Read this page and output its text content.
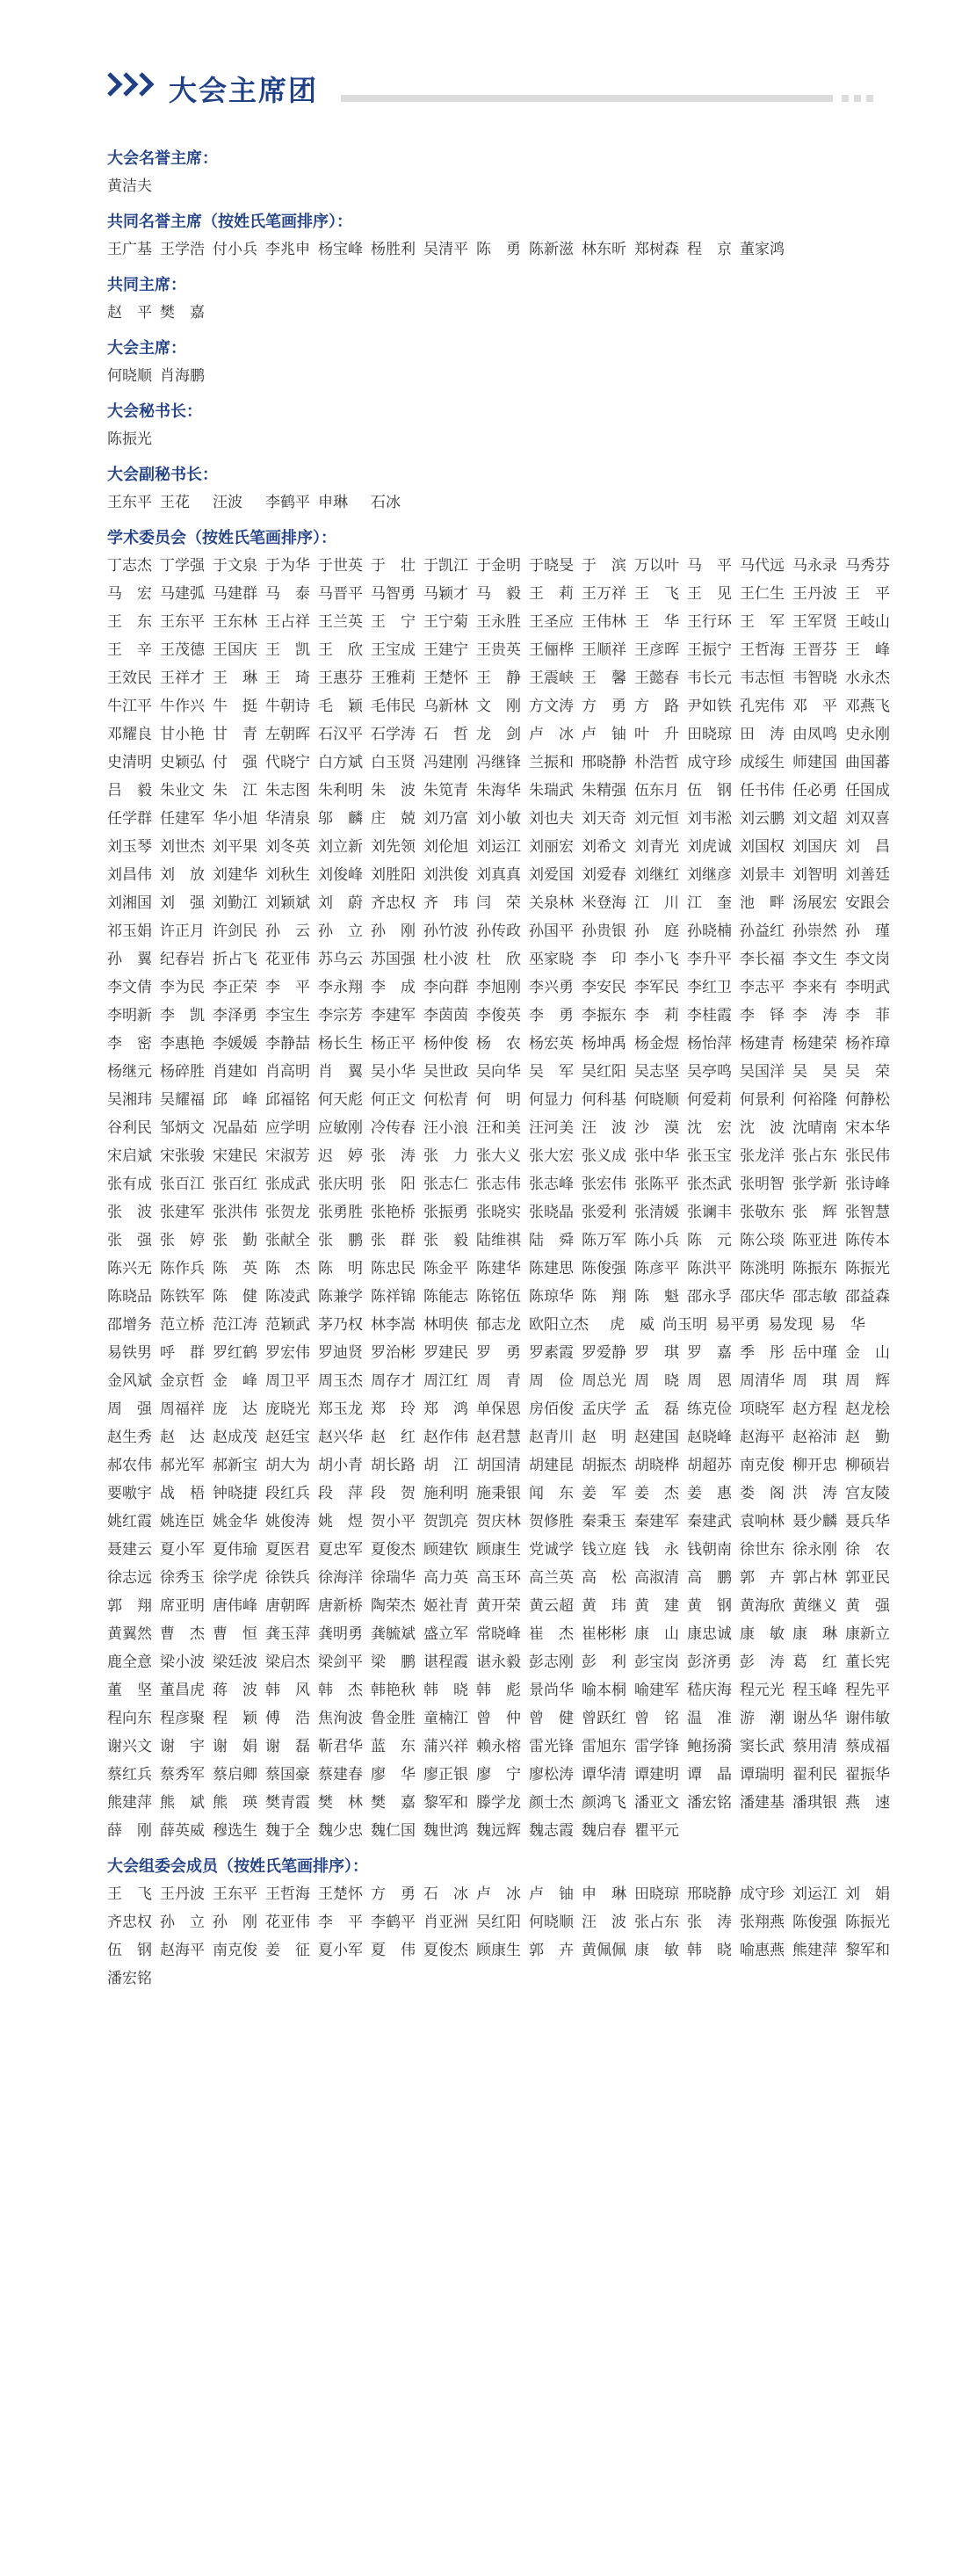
大会主席团
大会名誉主席：
黄洁夫
共同名誉主席（按姓氏笔画排序）：
王广基 王学浩 付小兵 李兆申 杨宝峰 杨胜利 吴清平 陈　勇 陈新滋 林东昕 郑树森 程　京 董家鸿
共同主席：
赵　平 樊　嘉
大会主席：
何晓顺 肖海鹏
大会秘书长：
陈振光
大会副秘书长：
王东平 王花	汪波	李鹤平 申琳	石冰
学术委员会（按姓氏笔画排序）：
丁志杰 丁学强 于文泉 于为华 于世英 于　壮 于凯江 于金明 于晓旻 于　滨 万以叶 马　平 马代远 马永录 马秀芬
马　宏 马建弧 马建群 马　泰 马晋平 马智勇 马颖才 马　毅 王　莉 王万祥 王　飞 王　见 王仁生 王丹波 王　平
王　东 王东平 王东林 王占祥 王兰英 王　宁 王宁菊 王永胜 王圣应 王伟林 王　华 王行环 王　军 王军贤 王岐山
王　辛 王茂德 王国庆 王　凯 王　欣 王宝成 王建宁 王贵英 王俪桦 王顺祥 王彦晖 王振宁 王哲海 王晋芬 王　峰
王效民 王祥才 王　琳 王　琦 王惠芬 王雅莉 王楚怀 王　静 王震峡 王　馨 王懿春 韦长元 韦志恒 韦智晓 水永杰
牛江平 牛作兴 牛　挺 牛朝诗 毛　颖 毛伟民 乌新林 文　刚 方文涛 方　勇 方　路 尹如铁 孔宪伟 邓　平 邓燕飞
邓耀良 甘小艳 甘　青 左朝晖 石汉平 石学涛 石　哲 龙　剑 卢　冰 卢　铀 叶　升 田晓琼 田　涛 由凤鸣 史永刚
史清明 史颖弘 付　强 代晓宁 白方斌 白玉贤 冯建刚 冯继锋 兰振和 邢晓静 朴浩哲 成守珍 成绥生 师建国 曲国蕃
吕　毅 朱业文 朱　江 朱志图 朱利明 朱　波 朱笕青 朱海华 朱瑞武 朱精强 伍东月 伍　钢 任书伟 任必勇 任国成
任学群 任建军 华小旭 华清泉 邬　麟 庄　兢 刘乃富 刘小敏 刘也夫 刘天奇 刘元恒 刘韦淞 刘云鹏 刘文超 刘双喜
刘玉琴 刘世杰 刘平果 刘冬英 刘立新 刘先领 刘伦旭 刘运江 刘丽宏 刘希文 刘青光 刘虎诚 刘国权 刘国庆 刘　昌
刘昌伟 刘　放 刘建华 刘秋生 刘俊峰 刘胜阳 刘洪俊 刘真真 刘爱国 刘爱春 刘继红 刘继彦 刘景丰 刘智明 刘善廷
刘湘国 刘　强 刘勤江 刘颖斌 刘　蔚 齐忠权 齐　玮 闫　荣 关泉林 米登海 江　川 江　奎 池　畔 汤展宏 安跟会
祁玉娟 许正月 许剑民 孙　云 孙　立 孙　刚 孙竹波 孙传政 孙国平 孙贵银 孙　庭 孙晓楠 孙益红 孙崇然 孙　瑾
孙　翼 纪春岩 折占飞 花亚伟 苏乌云 苏国强 杜小波 杜　欣 巫家晓 李　印 李小飞 李升平 李长福 李文生 李文岗
李文倩 李为民 李正荣 李　平 李永翔 李　成 李向群 李旭刚 李兴勇 李安民 李军民 李红卫 李志平 李来有 李明武
李明新 李　凯 李泽勇 李宝生 李宗芳 李建军 李茵茵 李俊英 李　勇 李振东 李　莉 李桂霞 李　铎 李　涛 李　菲
李　密 李惠艳 李媛媛 李静喆 杨长生 杨正平 杨仲俊 杨　农 杨宏英 杨坤禹 杨金煜 杨怡萍 杨建青 杨建荣 杨祚璋
杨继元 杨碎胜 肖建如 肖高明 肖　翼 吴小华 吴世政 吴向华 吴　军 吴红阳 吴志坚 吴亭鸣 吴国洋 吴　昊 吴　荣
吴湘玮 吴耀福 邱　峰 邱福铭 何天彪 何正文 何松青 何　明 何显力 何科基 何晓顺 何爱莉 何景利 何裕隆 何静松
谷利民 邹炳文 况晶茹 应学明 应敏刚 冷传春 汪小浪 汪和美 汪河美 汪　波 沙　漠 沈　宏 沈　波 沈晴南 宋本华
宋启斌 宋张骏 宋建民 宋淑芳 迟　婷 张　涛 张　力 张大义 张大宏 张义成 张中华 张玉宝 张龙洋 张占东 张民伟
张有成 张百江 张百红 张成武 张庆明 张　阳 张志仁 张志伟 张志峰 张宏伟 张陈平 张杰武 张明智 张学新 张诗峰
张　波 张建军 张洪伟 张贺龙 张勇胜 张艳桥 张振勇 张晓实 张晓晶 张爱利 张清媛 张谰丰 张敬东 张　辉 张智慧
张　强 张　婷 张　勤 张献全 张　鹏 张　群 张　毅 陆维祺 陆　舜 陈万军 陈小兵 陈　元 陈公琰 陈亚进 陈传本
陈兴无 陈作兵 陈　英 陈　杰 陈　明 陈忠民 陈金平 陈建华 陈建思 陈俊强 陈彦平 陈洪平 陈洮明 陈振东 陈振光
陈晓品 陈铁军 陈　健 陈凌武 陈兼学 陈祥锦 陈能志 陈铭伍 陈琼华 陈　翔 陈　魁 邵永孚 邵庆华 邵志敏 邵益森
邵增务 范立桥 范江涛 范颖武 茅乃权 林李嵩 林明侠 郁志龙 欧阳立杰 虎　威 尚玉明 易平勇 易发现 易　华
易铁男 呼　群 罗红鹤 罗宏伟 罗迪贤 罗治彬 罗建民 罗　勇 罗素霞 罗爱静 罗　琪 罗　嘉 季　彤 岳中瑾 金　山
金风斌 金京哲 金　峰 周卫平 周玉杰 周存才 周江红 周　青 周　俭 周总光 周　晓 周　恩 周清华 周　琪 周　辉
周　强 周福祥 庞　达 庞晓光 郑玉龙 郑　玲 郑　鸿 单保恩 房佰俊 孟庆学 孟　磊 练克俭 项晓军 赵方程 赵龙桧
赵生秀 赵　达 赵成茂 赵廷宝 赵兴华 赵　红 赵作伟 赵君慧 赵青川 赵　明 赵建国 赵晓峰 赵海平 赵裕沛 赵　勤
郝农伟 郝光军 郝新宝 胡大为 胡小青 胡长路 胡　江 胡国清 胡建昆 胡振杰 胡晓桦 胡超苏 南克俊 柳开忠 柳硕岩
要嗷宇 战　梧 钟晓捷 段红兵 段　萍 段　贺 施利明 施秉银 闻　东 姜　军 姜　杰 姜　惠 娄　阁 洪　涛 宫友陵
姚红霞 姚连臣 姚金华 姚俊涛 姚　煜 贺小平 贺凯亮 贺庆林 贺修胜 秦秉玉 秦建军 秦建武 袁响林 聂少麟 聂兵华
聂建云 夏小军 夏伟瑜 夏医君 夏忠军 夏俊杰 顾建钦 顾康生 党诚学 钱立庭 钱　永 钱朝南 徐世东 徐永刚 徐　农
徐志远 徐秀玉 徐学虎 徐铁兵 徐海洋 徐瑞华 高力英 高玉环 高兰英 高　松 高淑清 高　鹏 郭　卉 郭占林 郭亚民
郭　翔 席亚明 唐伟峰 唐朝晖 唐新桥 陶荣杰 姬社青 黄开荣 黄云超 黄　玮 黄　建 黄　钢 黄海欣 黄继义 黄　强
黄翼然 曹　杰 曹　恒 龚玉萍 龚明勇 龚毓斌 盛立军 常晓峰 崔　杰 崔彬彬 康　山 康忠诚 康　敏 康　琳 康新立
鹿全意 梁小波 梁廷波 梁启杰 梁剑平 梁　鹏 谌程霞 谌永毅 彭志刚 彭　利 彭宝岗 彭济勇 彭　涛 葛　红 董长宪
董　坚 董昌虎 蒋　波 韩　风 韩　杰 韩艳秋 韩　晓 韩　彪 景尚华 喻本桐 喻建军 嵇庆海 程元光 程玉峰 程先平
程向东 程彦聚 程　颖 傅　浩 焦洵波 鲁金胜 童楠江 曾　仲 曾　健 曾跃红 曾　铭 温　准 游　潮 谢丛华 谢伟敏
谢兴文 谢　宇 谢　娟 谢　磊 靳君华 蓝　东 蒲兴祥 赖永榕 雷光锋 雷旭东 雷学锋 鲍扬漪 窦长武 蔡用清 蔡成福
蔡红兵 蔡秀军 蔡启卿 蔡国豪 蔡建春 廖　华 廖正银 廖　宁 廖松涛 谭华清 谭建明 谭　晶 谭瑞明 翟利民 翟振华
熊建萍 熊　斌 熊　瑛 樊青霞 樊　林 樊　嘉 黎军和 滕学龙 颜士杰 颜鸿飞 潘亚文 潘宏铭 潘建基 潘琪银 燕　速
薛　刚 薛英威 穆选生 魏于全 魏少忠 魏仁国 魏世鸿 魏远辉 魏志霞 魏启春 瞿平元
大会组委会成员（按姓氏笔画排序）：
王　飞 王丹波 王东平 王哲海 王楚怀 方　勇 石　冰 卢　冰 卢　铀 申　琳 田晓琼 邢晓静 成守珍 刘运江 刘　娟
齐忠权 孙　立 孙　刚 花亚伟 李　平 李鹤平 肖亚洲 吴红阳 何晓顺 汪　波 张占东 张　涛 张翔燕 陈俊强 陈振光
伍　钢 赵海平 南克俊 姜　征 夏小军 夏　伟 夏俊杰 顾康生 郭　卉 黄佩佩 康　敏 韩　晓 喻惠燕 熊建萍 黎军和
潘宏铭
